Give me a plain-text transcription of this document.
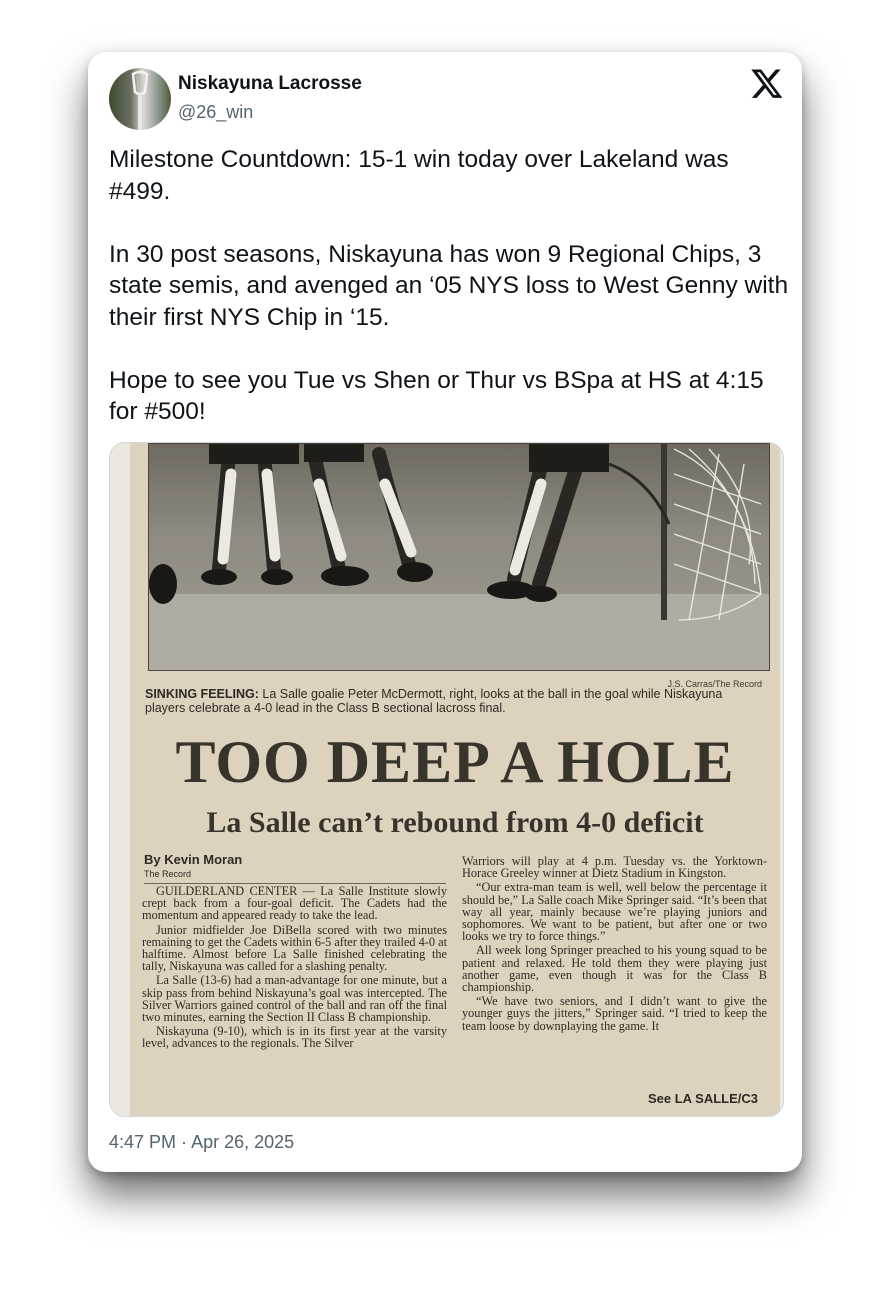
Niskayuna Lacrosse
@26_win

Milestone Countdown: 15-1 win today over Lakeland was #499.

In 30 post seasons, Niskayuna has won 9 Regional Chips, 3 state semis, and avenged an ‘05 NYS loss to West Genny with their first NYS Chip in ‘15.

Hope to see you Tue vs Shen or Thur vs BSpa at HS at 4:15 for #500!

J.S. Carras/The Record
SINKING FEELING: La Salle goalie Peter McDermott, right, looks at the ball in the goal while Niskayuna players celebrate a 4-0 lead in the Class B sectional lacross final.
TOO DEEP A HOLE
La Salle can’t rebound from 4-0 deficit
By Kevin Moran
The Record

GUILDERLAND CENTER — La Salle Institute slowly crept back from a four-goal deficit. The Cadets had the momentum and appeared ready to take the lead.

Junior midfielder Joe DiBella scored with two minutes remaining to get the Cadets within 6-5 after they trailed 4-0 at halftime. Almost before La Salle finished celebrating the tally, Niskayuna was called for a slashing penalty.

La Salle (13-6) had a man-advantage for one minute, but a skip pass from behind Niskayuna’s goal was intercepted. The Silver Warriors gained control of the ball and ran off the final two minutes, earning the Section II Class B championship.

Niskayuna (9-10), which is in its first year at the varsity level, advances to the regionals. The Silver

Warriors will play at 4 p.m. Tuesday vs. the Yorktown-Horace Greeley winner at Dietz Stadium in Kingston.

“Our extra-man team is well, well below the percentage it should be,” La Salle coach Mike Springer said. “It’s been that way all year, mainly because we’re playing juniors and sophomores. We want to be patient, but after one or two looks we try to force things.”

All week long Springer preached to his young squad to be patient and relaxed. He told them they were playing just another game, even though it was for the Class B championship.

“We have two seniors, and I didn’t want to give the younger guys the jitters,” Springer said. “I tried to keep the team loose by downplaying the game. It

See LA SALLE/C3
4:47 PM · Apr 26, 2025
